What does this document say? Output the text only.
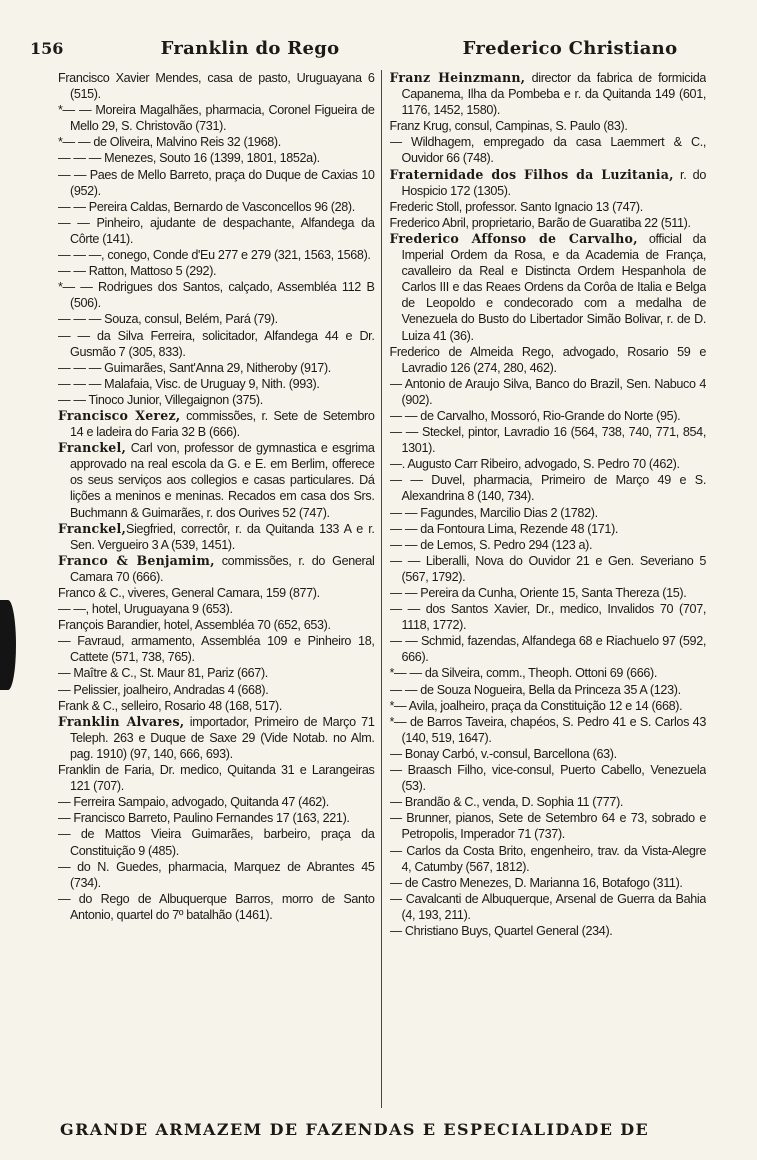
156	Franklin do Rego	Frederico Christiano
Francisco Xavier Mendes, casa de pasto, Uruguayana 6 (515).
*— — Moreira Magalhães, pharmacia, Coronel Figueira de Mello 29, S. Christovão (731).
*— — de Oliveira, Malvino Reis 32 (1968).
— — — Menezes, Souto 16 (1399, 1801, 1852a).
— — Paes de Mello Barreto, praça do Duque de Caxias 10 (952).
— — Pereira Caldas, Bernardo de Vasconcellos 96 (28).
— — Pinheiro, ajudante de despachante, Alfandega da Côrte (141).
— — —, conego, Conde d'Eu 277 e 279 (321, 1563, 1568).
— — Ratton, Mattoso 5 (292).
*— — Rodrigues dos Santos, calçado, Assembléa 112 B (506).
— — — Souza, consul, Belém, Pará (79).
— — da Silva Ferreira, solicitador, Alfandega 44 e Dr. Gusmão 7 (305, 833).
— — — Guimarães, Sant'Anna 29, Nitheroby (917).
— — — Malafaia, Visc. de Uruguay 9, Nith. (993).
— — Tinoco Junior, Villegaignon (375).
Francisco Xerez, commissões, r. Sete de Setembro 14 e ladeira do Faria 32 B (666).
Franckel, Carl von, professor de gymnastica e esgrima approvado na real escola da G. e E. em Berlim, offerece os seus serviços aos collegios e casas particulares. Dá lições a meninos e meninas. Recados em casa dos Srs. Buchmann & Guimarães, r. dos Ourives 52 (747).
Franckel,Siegfried, correctôr, r. da Quitanda 133 A e r. Sen. Vergueiro 3 A (539, 1451).
Franco & Benjamim, commissões, r. do General Camara 70 (666).
Franco & C., viveres, General Camara, 159 (877).
— —, hotel, Uruguayana 9 (653).
François Barandier, hotel, Assembléa 70 (652, 653).
— Favraud, armamento, Assembléa 109 e Pinheiro 18, Cattete (571, 738, 765).
— Maître & C., St. Maur 81, Pariz (667).
— Pelissier, joalheiro, Andradas 4 (668).
Frank & C., selleiro, Rosario 48 (168, 517).
Franklin Alvares, importador, Primeiro de Março 71 Teleph. 263 e Duque de Saxe 29 (Vide Notab. no Alm. pag. 1910) (97, 140, 666, 693).
Franklin de Faria, Dr. medico, Quitanda 31 e Larangeiras 121 (707).
— Ferreira Sampaio, advogado, Quitanda 47 (462).
— Francisco Barreto, Paulino Fernandes 17 (163, 221).
— de Mattos Vieira Guimarães, barbeiro, praça da Constituição 9 (485).
— do N. Guedes, pharmacia, Marquez de Abrantes 45 (734).
— do Rego de Albuquerque Barros, morro de Santo Antonio, quartel do 7º batalhão (1461).
Franz Heinzmann, director da fabrica de formicida Capanema, Ilha da Pombeba e r. da Quitanda 149 (601, 1176, 1452, 1580).
Franz Krug, consul, Campinas, S. Paulo (83).
— Wildhagem, empregado da casa Laemmert & C., Ouvidor 66 (748).
Fraternidade dos Filhos da Luzitania, r. do Hospicio 172 (1305).
Frederic Stoll, professor. Santo Ignacio 13 (747).
Frederico Abril, proprietario, Barão de Guaratiba 22 (511).
Frederico Affonso de Carvalho, official da Imperial Ordem da Rosa, e da Academia de França, cavalleiro da Real e Distincta Ordem Hespanhola de Carlos III e das Reaes Ordens da Corôa de Italia e Belga de Leopoldo e condecorado com a medalha de Venezuela do Busto do Libertador Simão Bolivar, r. de D. Luiza 41 (36).
Frederico de Almeida Rego, advogado, Rosario 59 e Lavradio 126 (274, 280, 462).
— Antonio de Araujo Silva, Banco do Brazil, Sen. Nabuco 4 (902).
— — de Carvalho, Mossoró, Rio-Grande do Norte (95).
— — Steckel, pintor, Lavradio 16 (564, 738, 740, 771, 854, 1301).
—. Augusto Carr Ribeiro, advogado, S. Pedro 70 (462).
— — Duvel, pharmacia, Primeiro de Março 49 e S. Alexandrina 8 (140, 734).
— — Fagundes, Marcilio Dias 2 (1782).
— — da Fontoura Lima, Rezende 48 (171).
— — de Lemos, S. Pedro 294 (123 a).
— — Liberalli, Nova do Ouvidor 21 e Gen. Severiano 5 (567, 1792).
— — Pereira da Cunha, Oriente 15, Santa Thereza (15).
— — dos Santos Xavier, Dr., medico, Invalidos 70 (707, 1118, 1772).
— — Schmid, fazendas, Alfandega 68 e Riachuelo 97 (592, 666).
*— — da Silveira, comm., Theoph. Ottoni 69 (666).
— — de Souza Nogueira, Bella da Princeza 35 A (123).
*— Avila, joalheiro, praça da Constituição 12 e 14 (668).
*— de Barros Taveira, chapéos, S. Pedro 41 e S. Carlos 43 (140, 519, 1647).
— Bonay Carbó, v.-consul, Barcellona (63).
— Braasch Filho, vice-consul, Puerto Cabello, Venezuela (53).
— Brandão & C., venda, D. Sophia 11 (777).
— Brunner, pianos, Sete de Setembro 64 e 73, sobrado e Petropolis, Imperador 71 (737).
— Carlos da Costa Brito, engenheiro, trav. da Vista-Alegre 4, Catumby (567, 1812).
— de Castro Menezes, D. Marianna 16, Botafogo (311).
— Cavalcanti de Albuquerque, Arsenal de Guerra da Bahia (4, 193, 211).
— Christiano Buys, Quartel General (234).
GRANDE ARMAZEM DE FAZENDAS E ESPECIALIDADE DE
